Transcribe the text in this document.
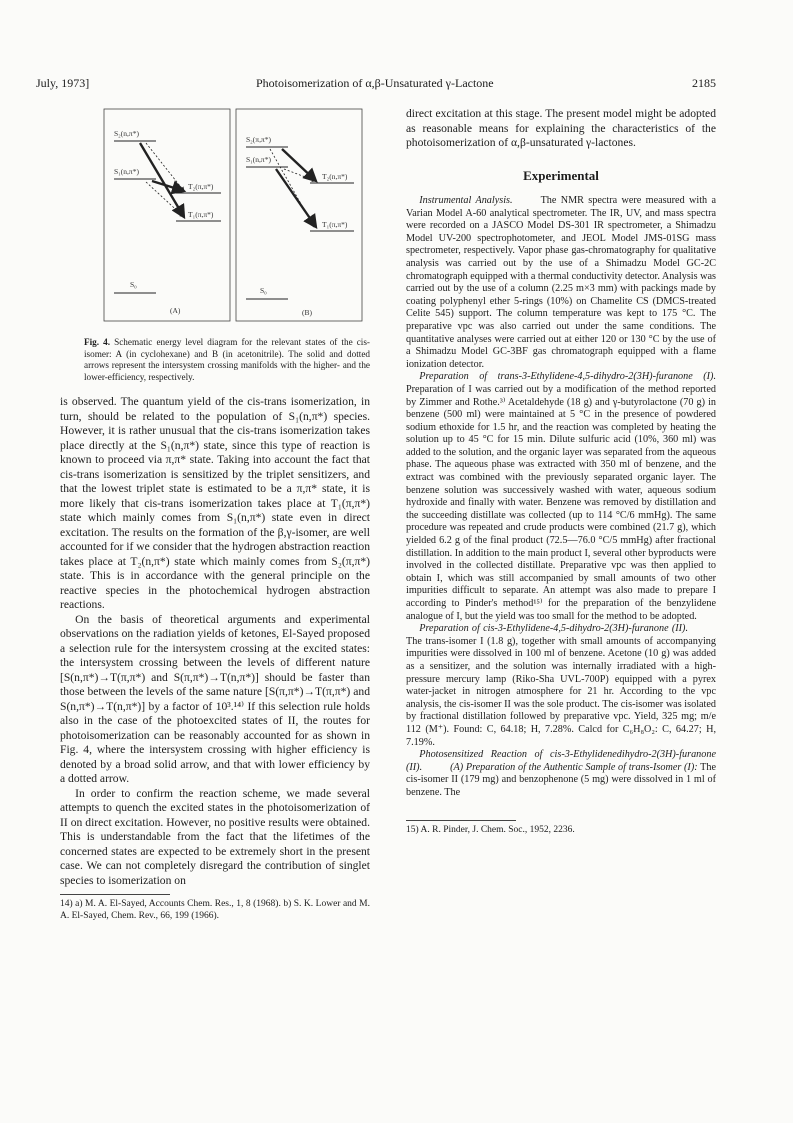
July, 1973]	Photoisomerization of α,β-Unsaturated γ-Lactone	2185
S₂(n,π*)
S₁(n,π*)
T₂(π,π*)
T₁(π,π*)
S₀
(A)
S₂(π,π*)
S₁(n,π*)
T₂(n,π*)
T₁(π,π*)
S₀
(B)
Fig. 4. Schematic energy level diagram for the relevant states of the cis-isomer: A (in cyclohexane) and B (in acetonitrile). The solid and dotted arrows represent the intersystem crossing manifolds with the higher- and the lower-efficiency, respectively.

is observed. The quantum yield of the cis-trans isomerization, in turn, should be related to the population of S₁(n,π*) species. However, it is rather unusual that the cis-trans isomerization takes place directly at the S₁(n,π*) state, since this type of reaction is known to proceed via π,π* state. Taking into account the fact that cis-trans isomerization is sensitized by the triplet sensitizers, and that the lowest triplet state is estimated to be a π,π* state, it is more likely that cis-trans isomerization takes place at T₁(π,π*) state which mainly comes from S₁(n,π*) state even in direct excitation. The results on the formation of the β,γ-isomer, are well accounted for if we consider that the hydrogen abstraction reaction takes place at T₂(n,π*) state which mainly comes from S₂(π,π*) state. This is in accordance with the general principle on the reactive species in the photochemical hydrogen abstraction reactions.

On the basis of theoretical arguments and experimental observations on the radiation yields of ketones, El-Sayed proposed a selection rule for the intersystem crossing at the excited states: the intersystem crossing between the levels of different nature [S(n,π*)→T(π,π*) and S(π,π*)→T(n,π*)] should be faster than those between the levels of the same nature [S(π,π*)→T(π,π*) and S(n,π*)→T(n,π*)] by a factor of 10³.¹⁴⁾ If this selection rule holds also in the case of the photoexcited states of II, the routes for photoisomerization can be reasonably accounted for as shown in Fig. 4, where the intersystem crossing with higher efficiency is denoted by a broad solid arrow, and that with lower efficiency by a dotted arrow.

In order to confirm the reaction scheme, we made several attempts to quench the excited states in the photoisomerization of II on direct excitation. However, no positive results were obtained. This is understandable from the fact that the lifetimes of the concerned states are expected to be extremely short in the present case. We can not completely disregard the contribution of singlet species to isomerization on

14) a) M. A. El-Sayed, Accounts Chem. Res., 1, 8 (1968). b) S. K. Lower and M. A. El-Sayed, Chem. Rev., 66, 199 (1966).

direct excitation at this stage. The present model might be adopted as reasonable means for explaining the characteristics of the photoisomerization of α,β-unsaturated γ-lactones.

Experimental

Instrumental Analysis.	The NMR spectra were measured with a Varian Model A-60 analytical spectrometer. The IR, UV, and mass spectra were recorded on a JASCO Model DS-301 IR spectrometer, a Shimadzu Model UV-200 spectrophotometer, and JEOL Model JMS-01SG mass spectrometer, respectively. Vapor phase gas-chromatography for qualitative analysis was carried out by the use of a Shimadzu Model GC-2C chromatograph equipped with a thermal conductivity detector. Analysis was carried out by the use of a column (2.25 m×3 mm) with packings made by coating polyphenyl ether 5-rings (10%) on Chamelite CS (DMCS-treated Celite 545) support. The column temperature was kept to 175 °C. The preparative vpc was also carried out under the same conditions. The quantitative analyses were carried out at either 120 or 130 °C by the use of a Shimadzu Model GC-3BF gas chromatograph equipped with a flame ionization detector.

Preparation of trans-3-Ethylidene-4,5-dihydro-2(3H)-furanone (I). Preparation of I was carried out by a modification of the method reported by Zimmer and Rothe.³⁾ Acetaldehyde (18 g) and γ-butyrolactone (70 g) in benzene (500 ml) were maintained at 5 °C in the presence of powdered sodium ethoxide for 1.5 hr, and the reaction was completed by heating the solution up to 45 °C for 15 min. Dilute sulfuric acid (10%, 360 ml) was added to the solution, and the organic layer was separated from the aqueous phase. The aqueous phase was extracted with 350 ml of benzene, and the extract was combined with the previously separated organic layer. The benzene solution was successively washed with water, aqueous sodium hydroxide and finally with water. Benzene was removed by distillation and the succeeding distillate was collected (up to 114 °C/6 mmHg). The same procedure was repeated and crude products were combined (21.7 g), which yielded 6.2 g of the final product (72.5—76.0 °C/5 mmHg) after fractional distillation. In addition to the main product I, several other byproducts were involved in the collected distillate. Preparative vpc was then applied to obtain I, which was still accompanied by small amounts of two other impurities difficult to separate. An attempt was also made to prepare I according to Pinder's method¹⁵⁾ for the preparation of the benzylidene analogue of I, but the yield was too small for the method to be adopted.

Preparation of cis-3-Ethylidene-4,5-dihydro-2(3H)-furanone (II).The trans-isomer I (1.8 g), together with small amounts of accompanying impurities were dissolved in 100 ml of benzene. Acetone (10 g) was added as a sensitizer, and the solution was internally irradiated with a high-pressure mercury lamp (Riko-Sha UVL-700P) equipped with a pyrex water-jacket in nitrogen atmosphere for 21 hr. According to the vpc analysis, the cis-isomer II was the sole product. The cis-isomer was isolated by fractional distillation followed by preparative vpc. Yield, 325 mg; m/e 112 (M⁺). Found: C, 64.18; H, 7.28%. Calcd for C₆H₈O₂: C, 64.27; H, 7.19%.

Photosensitized Reaction of cis-3-Ethylidenedihydro-2(3H)-furanone (II).	(A) Preparation of the Authentic Sample of trans-Isomer (I): The cis-isomer II (179 mg) and benzophenone (5 mg) were dissolved in 1 ml of benzene. The

15) A. R. Pinder, J. Chem. Soc., 1952, 2236.
